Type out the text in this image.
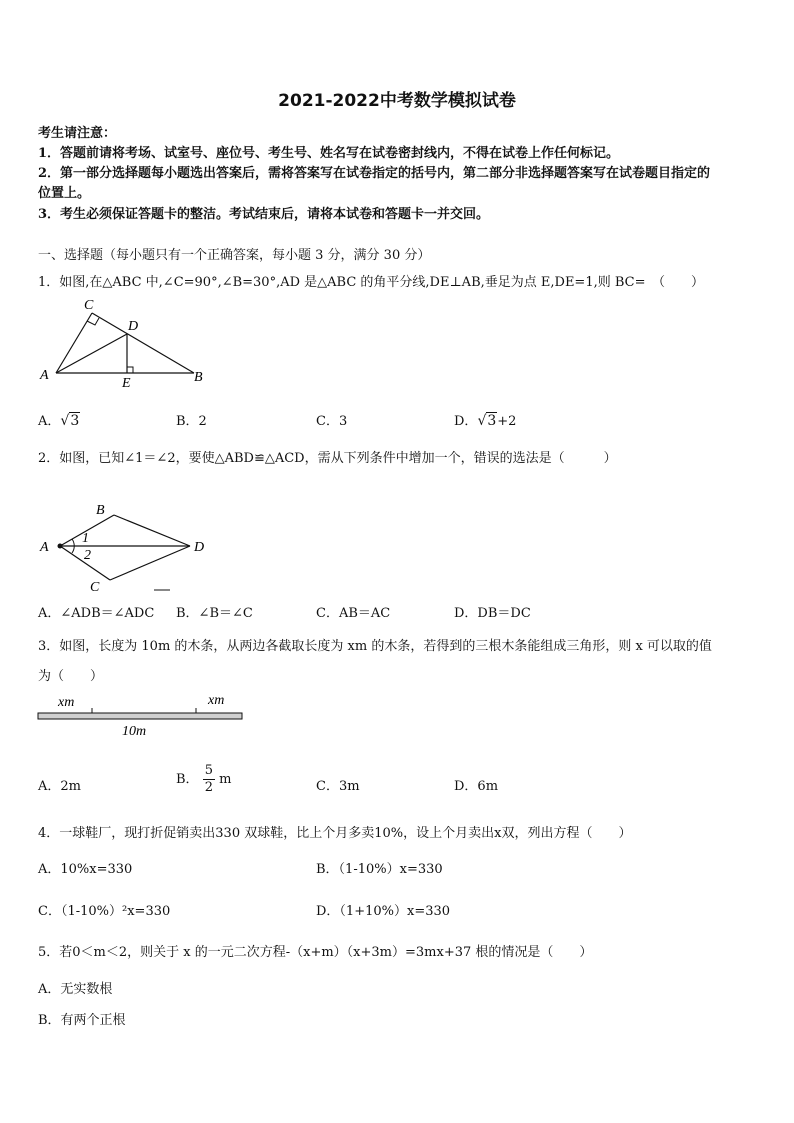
2021-2022中考数学模拟试卷
考生请注意：
1．答题前请将考场、试室号、座位号、考生号、姓名写在试卷密封线内，不得在试卷上作任何标记。
2．第一部分选择题每小题选出答案后，需将答案写在试卷指定的括号内，第二部分非选择题答案写在试卷题目指定的
位置上。
3．考生必须保证答题卡的整洁。考试结束后，请将本试卷和答题卡一并交回。
一、选择题（每小题只有一个正确答案，每小题 3 分，满分 30 分）
1．如图,在△ABC 中,∠C=90°,∠B=30°,AD 是△ABC 的角平分线,DE⊥AB,垂足为点 E,DE=1,则 BC=　（　　）
C
D
A	B
E
A．√3	B．2	C．3	D．√3+2
2．如图，已知∠1＝∠2，要使△ABD≌△ACD，需从下列条件中增加一个，错误的选法是（　　　）
A
B
C
D
1
2
A．∠ADB＝∠ADC B．∠B＝∠C	C．AB＝AC	D．DB＝DC
3．如图，长度为 10m 的木条，从两边各截取长度为 xm 的木条，若得到的三根木条能组成三角形，则 x 可以取的值
为（　　）
xm	xm
10m
A．2m	B． $\frac{5}{2}$ m	C．3m	D．6m
4．一球鞋厂，现打折促销卖出330 双球鞋，比上个月多卖10%，设上个月卖出x双，列出方程（　　）
A．10%x=330	B．（1-10%）x=330
C．（1-10%）²x=330	D．（1+10%）x=330
5．若0＜m＜2，则关于 x 的一元二次方程-（x+m）（x+3m）=3mx+37 根的情况是（　　）
A．无实数根
B．有两个正根
